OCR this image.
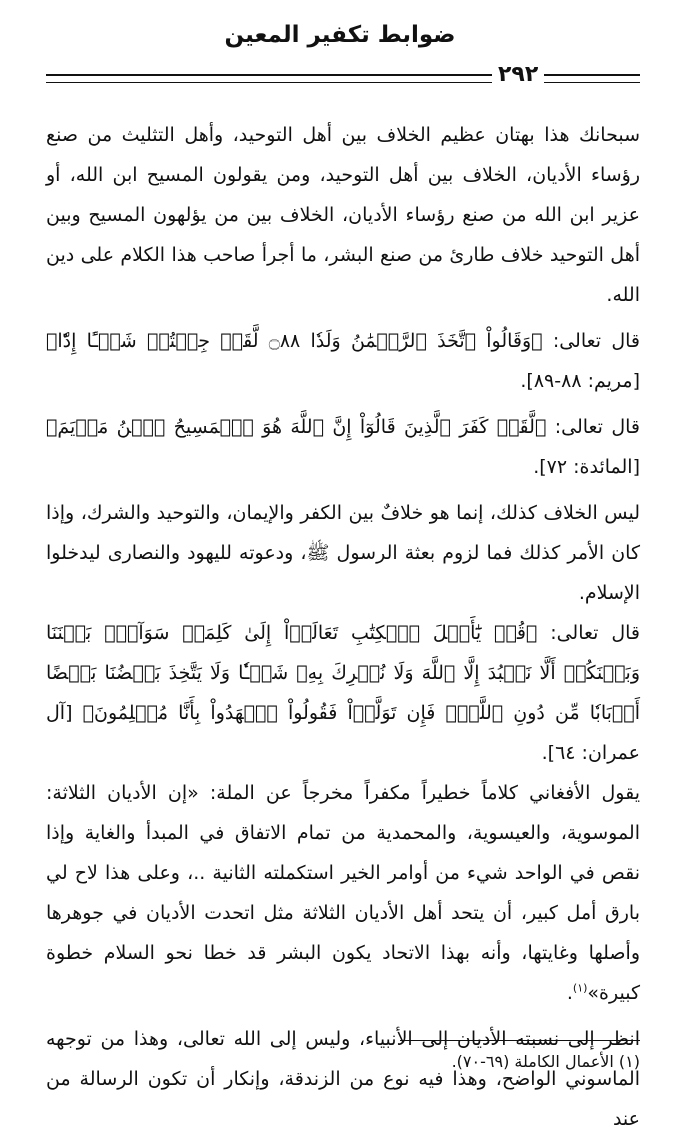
ضوابط تكفير المعين
٢٩٢

سبحانك هذا بهتان عظيم الخلاف بين أهل التوحيد، وأهل التثليث من صنع رؤساء الأديان، الخلاف بين أهل التوحيد، ومن يقولون المسيح ابن الله، أو عزير ابن الله من صنع رؤساء الأديان، الخلاف بين من يؤلهون المسيح وبين أهل التوحيد خلاف طارئ من صنع البشر، ما أجرأ صاحب هذا الكلام على دين الله.

قال تعالى: ﴿وَقَالُواْ ٱتَّخَذَ ٱلرَّحۡمَٰنُ وَلَدٗا ۝٨٨ لَّقَدۡ جِئۡتُمۡ شَيۡـًٔا إِدّٗا﴾ [مريم: ٨٨-٨٩].

قال تعالى: ﴿لَّقَدۡ كَفَرَ ٱلَّذِينَ قَالُوٓاْ إِنَّ ٱللَّهَ هُوَ ٱلۡمَسِيحُ ٱبۡنُ مَرۡيَمَ﴾ [المائدة: ٧٢].

ليس الخلاف كذلك، إنما هو خلافٌ بين الكفر والإيمان، والتوحيد والشرك، وإذا كان الأمر كذلك فما لزوم بعثة الرسول ﷺ، ودعوته لليهود والنصارى ليدخلوا الإسلام.

قال تعالى: ﴿قُلۡ يَٰٓأَهۡلَ ٱلۡكِتَٰبِ تَعَالَوۡاْ إِلَىٰ كَلِمَةٖ سَوَآءِۭ بَيۡنَنَا وَبَيۡنَكُمۡ أَلَّا نَعۡبُدَ إِلَّا ٱللَّهَ وَلَا نُشۡرِكَ بِهِۦ شَيۡـٔٗا وَلَا يَتَّخِذَ بَعۡضُنَا بَعۡضًا أَرۡبَابٗا مِّن دُونِ ٱللَّهِۚ فَإِن تَوَلَّوۡاْ فَقُولُواْ ٱشۡهَدُواْ بِأَنَّا مُسۡلِمُونَ﴾ [آل عمران: ٦٤].

يقول الأفغاني كلاماً خطيراً مكفراً مخرجاً عن الملة: «إن الأديان الثلاثة: الموسوية، والعيسوية، والمحمدية من تمام الاتفاق في المبدأ والغاية وإذا نقص في الواحد شيء من أوامر الخير استكملته الثانية ..، وعلى هذا لاح لي بارق أمل كبير، أن يتحد أهل الأديان الثلاثة مثل اتحدت الأديان في جوهرها وأصلها وغايتها، وأنه بهذا الاتحاد يكون البشر قد خطا نحو السلام خطوة كبيرة»$^{(١)}$.

انظر إلى نسبته الأديان إلى الأنبياء، وليس إلى الله تعالى، وهذا من توجهه الماسوني الواضح، وهذا فيه نوع من الزندقة، وإنكار أن تكون الرسالة من عند

(١) الأعمال الكاملة (٦٩-٧٠).
